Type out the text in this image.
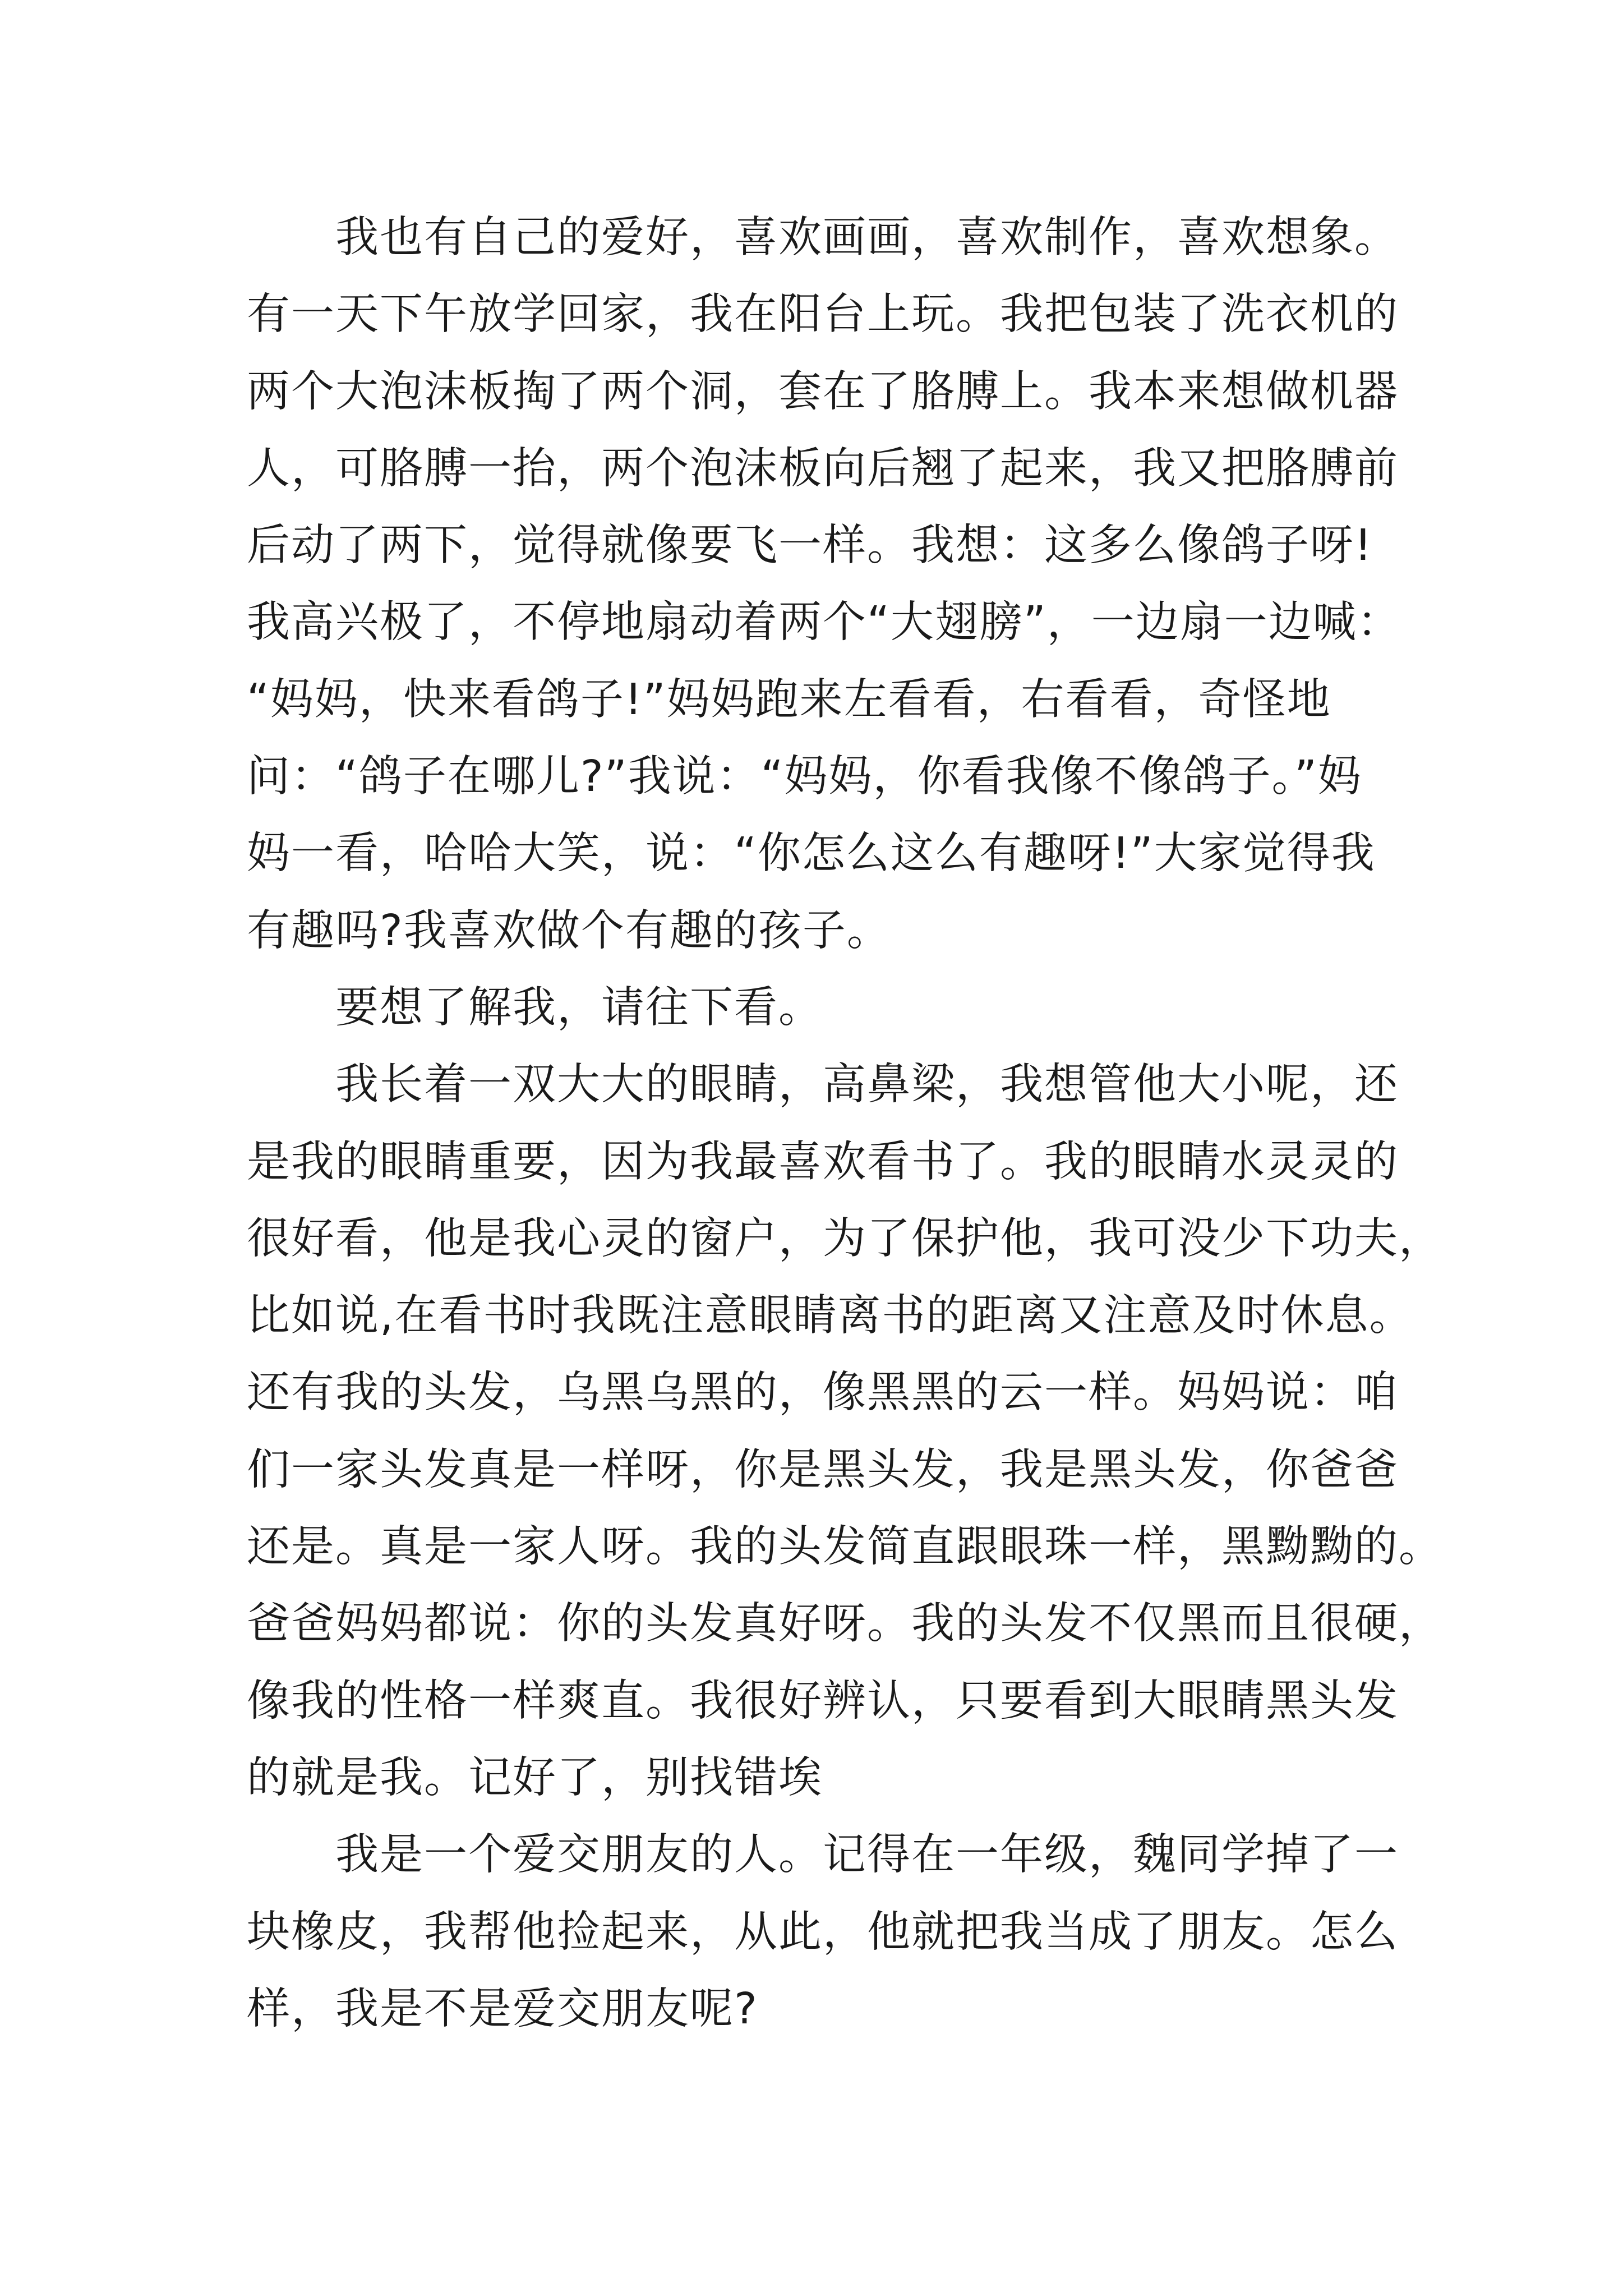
我也有自己的爱好，喜欢画画，喜欢制作，喜欢想象。
有一天下午放学回家，我在阳台上玩。我把包装了洗衣机的
两个大泡沫板掏了两个洞，套在了胳膊上。我本来想做机器
人，可胳膊一抬，两个泡沫板向后翘了起来，我又把胳膊前
后动了两下，觉得就像要飞一样。我想：这多么像鸽子呀!
我高兴极了，不停地扇动着两个“大翅膀”，一边扇一边喊：
“妈妈，快来看鸽子!”妈妈跑来左看看，右看看，奇怪地
问：“鸽子在哪儿?”我说：“妈妈，你看我像不像鸽子。”妈
妈一看，哈哈大笑，说：“你怎么这么有趣呀!”大家觉得我
有趣吗?我喜欢做个有趣的孩子。
要想了解我，请往下看。
我长着一双大大的眼睛，高鼻梁，我想管他大小呢，还
是我的眼睛重要，因为我最喜欢看书了。我的眼睛水灵灵的
很好看，他是我心灵的窗户，为了保护他，我可没少下功夫，
比如说,在看书时我既注意眼睛离书的距离又注意及时休息。
还有我的头发，乌黑乌黑的，像黑黑的云一样。妈妈说：咱
们一家头发真是一样呀，你是黑头发，我是黑头发，你爸爸
还是。真是一家人呀。我的头发简直跟眼珠一样，黑黝黝的。
爸爸妈妈都说：你的头发真好呀。我的头发不仅黑而且很硬，
像我的性格一样爽直。我很好辨认，只要看到大眼睛黑头发
的就是我。记好了，别找错埃
我是一个爱交朋友的人。记得在一年级，魏同学掉了一
块橡皮，我帮他捡起来，从此，他就把我当成了朋友。怎么
样，我是不是爱交朋友呢?
